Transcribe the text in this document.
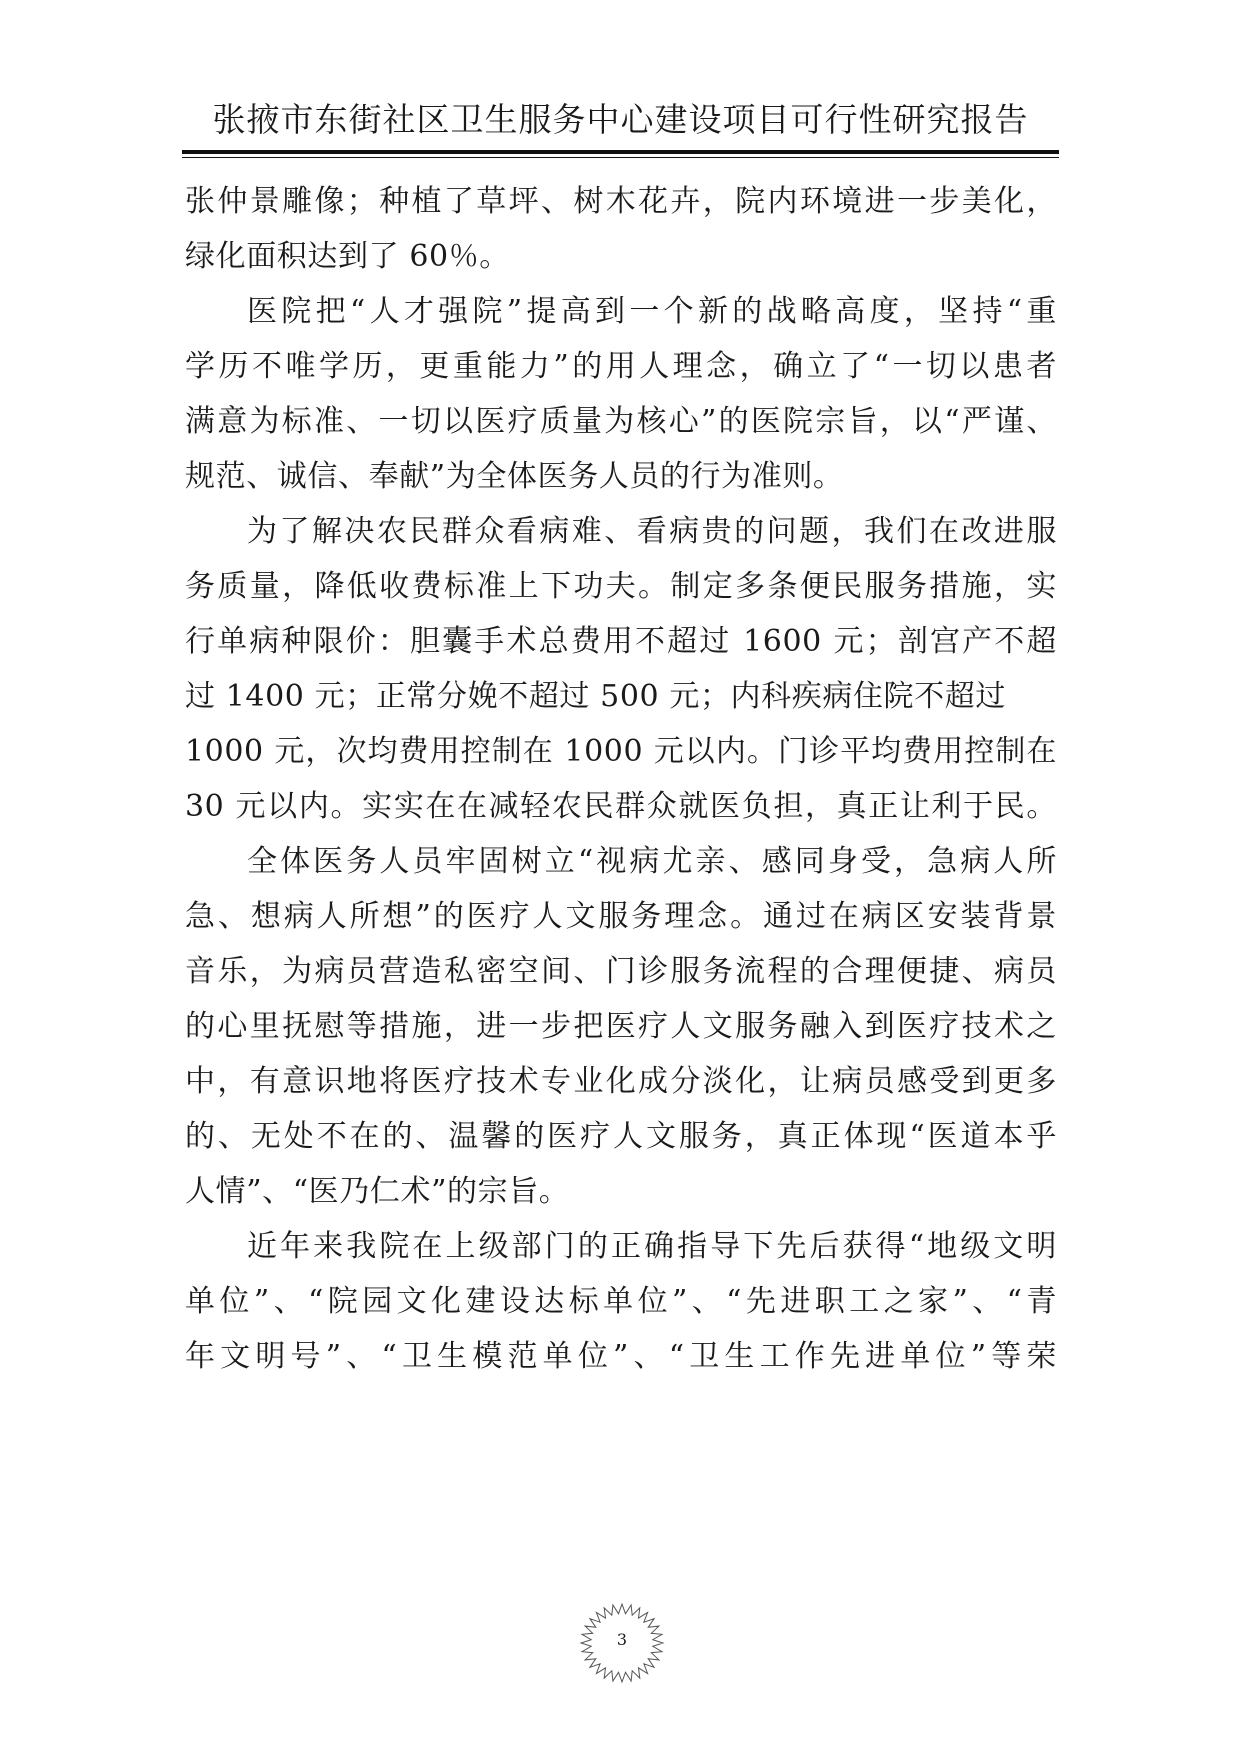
张掖市东街社区卫生服务中心建设项目可行性研究报告
张仲景雕像；种植了草坪、树木花卉，院内环境进一步美化，
绿化面积达到了 60％。
医院把“人才强院”提高到一个新的战略高度，坚持“重
学历不唯学历，更重能力”的用人理念，确立了“一切以患者
满意为标准、一切以医疗质量为核心”的医院宗旨，以“严谨、
规范、诚信、奉献”为全体医务人员的行为准则。
为了解决农民群众看病难、看病贵的问题，我们在改进服
务质量，降低收费标准上下功夫。制定多条便民服务措施，实
行单病种限价：胆囊手术总费用不超过 1600 元；剖宫产不超
过 1400 元；正常分娩不超过 500 元；内科疾病住院不超过
1000 元，次均费用控制在 1000 元以内。门诊平均费用控制在
30 元以内。实实在在减轻农民群众就医负担，真正让利于民。
全体医务人员牢固树立“视病尤亲、感同身受，急病人所
急、想病人所想”的医疗人文服务理念。通过在病区安装背景
音乐，为病员营造私密空间、门诊服务流程的合理便捷、病员
的心里抚慰等措施，进一步把医疗人文服务融入到医疗技术之
中，有意识地将医疗技术专业化成分淡化，让病员感受到更多
的、无处不在的、温馨的医疗人文服务，真正体现“医道本乎
人情”、“医乃仁术”的宗旨。
近年来我院在上级部门的正确指导下先后获得“地级文明
单位”、“院园文化建设达标单位”、“先进职工之家”、“青
年文明号”、“卫生模范单位”、“卫生工作先进单位”等荣
3
